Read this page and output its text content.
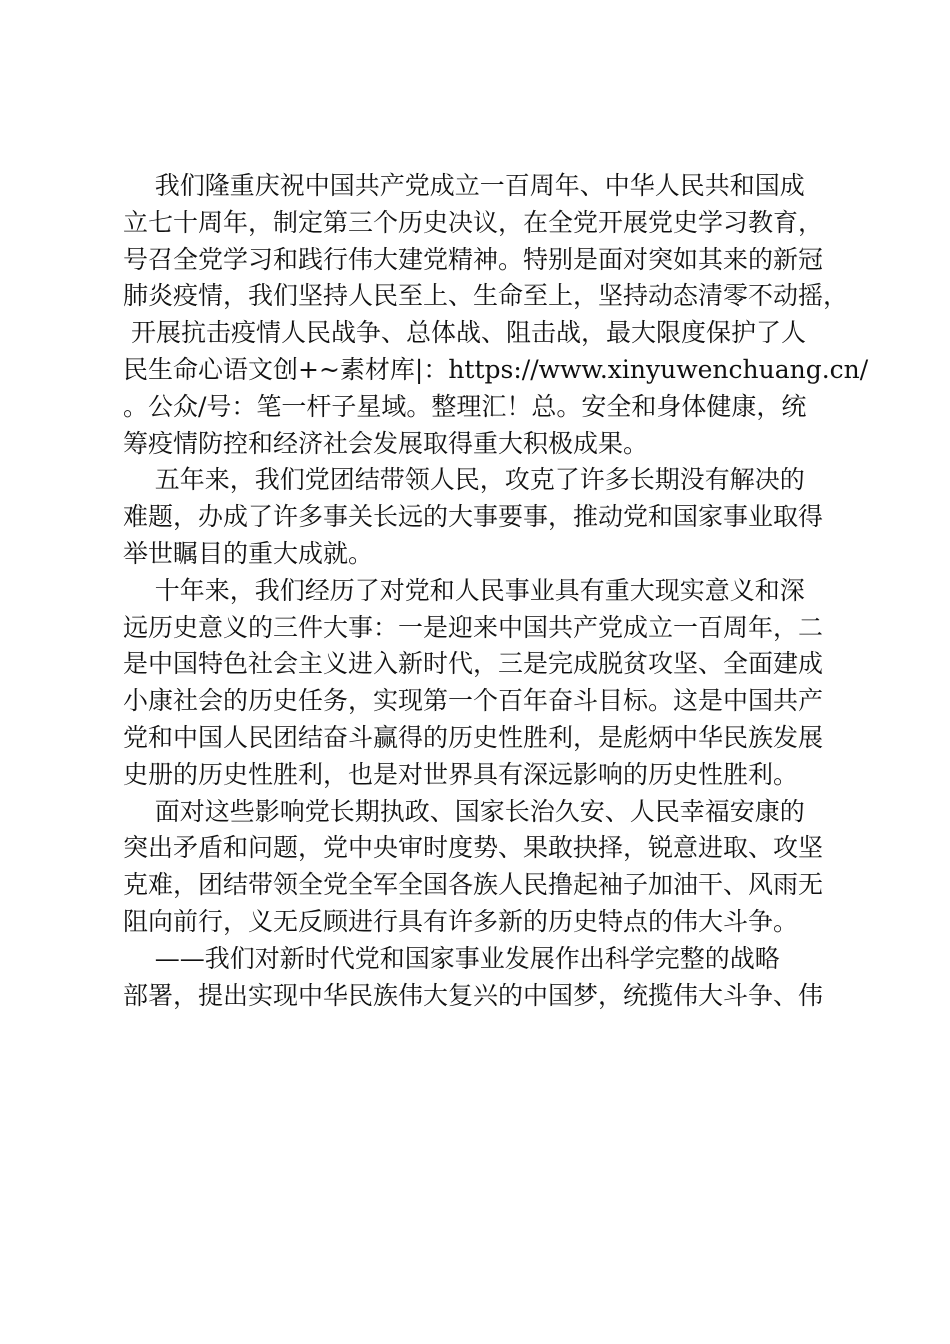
我们隆重庆祝中国共产党成立一百周年、中华人民共和国成
立七十周年，制定第三个历史决议，在全党开展党史学习教育，
号召全党学习和践行伟大建党精神。特别是面对突如其来的新冠
肺炎疫情，我们坚持人民至上、生命至上，坚持动态清零不动摇，
开展抗击疫情人民战争、总体战、阻击战，最大限度保护了人
民生命心语文创+~素材库|：https://www.xinyuwenchuang.cn/
。公众/号：笔一杆子星域。整理汇！总。安全和身体健康，统
筹疫情防控和经济社会发展取得重大积极成果。
五年来，我们党团结带领人民，攻克了许多长期没有解决的
难题，办成了许多事关长远的大事要事，推动党和国家事业取得
举世瞩目的重大成就。
十年来，我们经历了对党和人民事业具有重大现实意义和深
远历史意义的三件大事：一是迎来中国共产党成立一百周年，二
是中国特色社会主义进入新时代，三是完成脱贫攻坚、全面建成
小康社会的历史任务，实现第一个百年奋斗目标。这是中国共产
党和中国人民团结奋斗赢得的历史性胜利，是彪炳中华民族发展
史册的历史性胜利，也是对世界具有深远影响的历史性胜利。
面对这些影响党长期执政、国家长治久安、人民幸福安康的
突出矛盾和问题，党中央审时度势、果敢抉择，锐意进取、攻坚
克难，团结带领全党全军全国各族人民撸起袖子加油干、风雨无
阻向前行，义无反顾进行具有许多新的历史特点的伟大斗争。
——我们对新时代党和国家事业发展作出科学完整的战略
部署，提出实现中华民族伟大复兴的中国梦，统揽伟大斗争、伟
